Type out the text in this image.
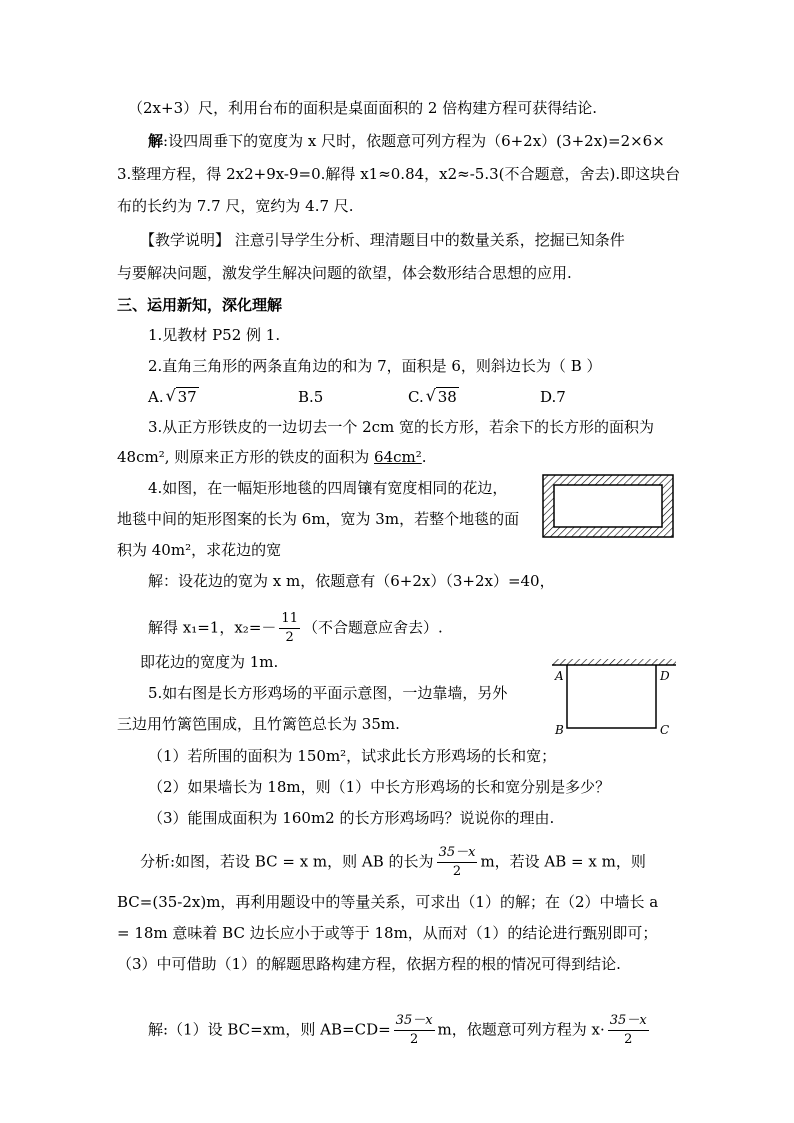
（2x+3）尺，利用台布的面积是桌面面积的 2 倍构建方程可获得结论.
解:设四周垂下的宽度为 x 尺时，依题意可列方程为（6+2x）(3+2x)=2×6×
3.整理方程，得 2x2+9x-9=0.解得 x1≈0.84，x2≈-5.3(不合题意，舍去).即这块台
布的长约为 7.7 尺，宽约为 4.7 尺.
【教学说明】 注意引导学生分析、理清题目中的数量关系，挖掘已知条件
与要解决问题，激发学生解决问题的欲望，体会数形结合思想的应用.
三、运用新知，深化理解
1.见教材 P52 例 1.
2.直角三角形的两条直角边的和为 7，面积是 6，则斜边长为（ B ）
A. √ 37	B.5	C. √ 38	D.7
3.从正方形铁皮的一边切去一个 2cm 宽的长方形，若余下的长方形的面积为
48cm², 则原来正方形的铁皮的面积为 64cm².
4.如图，在一幅矩形地毯的四周镶有宽度相同的花边，
地毯中间的矩形图案的长为 6m，宽为 3m，若整个地毯的面
积为 40m²，求花边的宽
解：设花边的宽为 x m，依题意有（6+2x）（3+2x）=40，
解得 x₁=1，$x_2=- \frac{11}{2}$ （不合题意应舍去）.
即花边的宽度为 1m.
5.如右图是长方形鸡场的平面示意图，一边靠墙，另外
三边用竹篱笆围成，且竹篱笆总长为 35m.
A	D
B	C
（1）若所围的面积为 150m²，试求此长方形鸡场的长和宽；
（2）如果墙长为 18m，则（1）中长方形鸡场的长和宽分别是多少？
（3）能围成面积为 160m2 的长方形鸡场吗？说说你的理由.
分析:如图，若设 BC = x m，则 AB 的长为 $\frac{35-x}{2}$ m，若设 AB = x m，则
BC=(35-2x)m，再利用题设中的等量关系，可求出（1）的解；在（2）中墙长 a
= 18m 意味着 BC 边长应小于或等于 18m，从而对（1）的结论进行甄别即可；
（3）中可借助（1）的解题思路构建方程，依据方程的根的情况可得到结论.
解:（1）设 BC=xm，则 $AB=CD= \frac{35-x}{2}$ m，依题意可列方程为 $x\cdot \frac{35-x}{2}$
